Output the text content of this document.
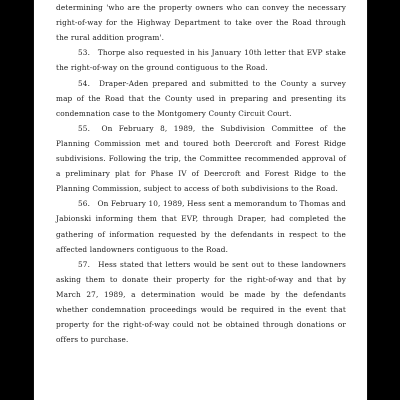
determining 'who are the property owners who can convey the necessary right-of-way for the Highway Department to take over the Road through the rural addition program'.

53. Thorpe also requested in his January 10th letter that EVP stake the right-of-way on the ground contiguous to the Road.

54. Draper-Aden prepared and submitted to the County a survey map of the Road that the County used in preparing and presenting its condemnation case to the Montgomery County Circuit Court.

55. On February 8, 1989, the Subdivision Committee of the Planning Commission met and toured both Deercroft and Forest Ridge subdivisions. Following the trip, the Committee recommended approval of a preliminary plat for Phase IV of Deercroft and Forest Ridge to the Planning Commission, subject to access of both subdivisions to the Road.

56. On February 10, 1989, Hess sent a memorandum to Thomas and Jabionski informing them that EVP, through Draper, had completed the gathering of information requested by the defendants in respect to the affected landowners contiguous to the Road.

57. Hess stated that letters would be sent out to these landowners asking them to donate their property for the right-of-way and that by March 27, 1989, a determination would be made by the defendants whether condemnation proceedings would be required in the event that property for the right-of-way could not be obtained through donations or offers to purchase.
